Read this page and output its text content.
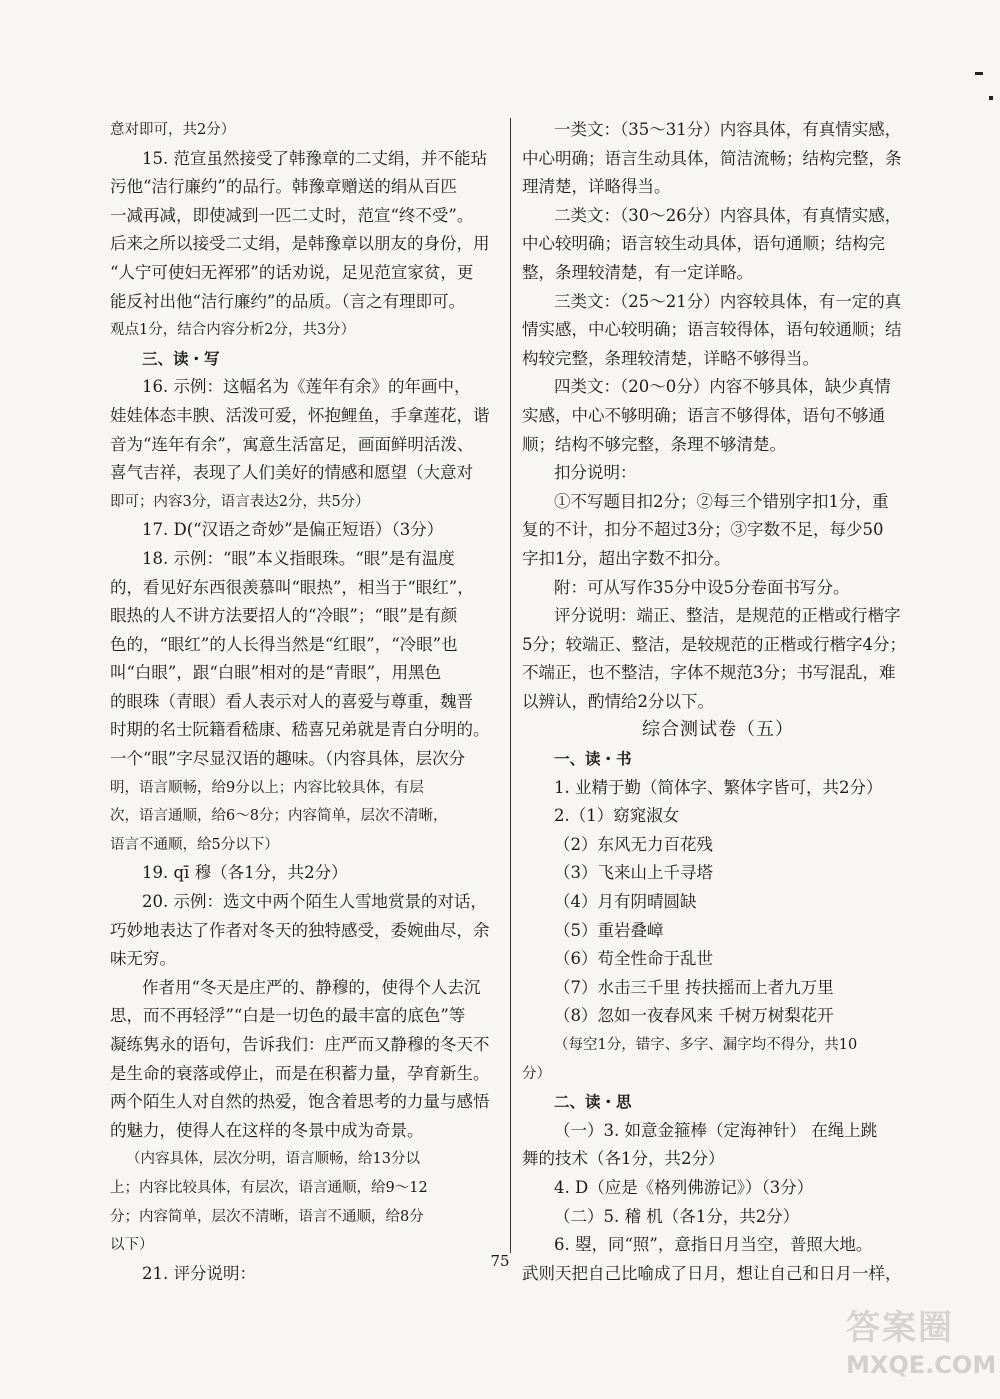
意对即可，共2分）
15. 范宣虽然接受了韩豫章的二丈绢，并不能玷
污他“洁行廉约”的品行。韩豫章赠送的绢从百匹
一减再减，即使减到一匹二丈时，范宣“终不受”。
后来之所以接受二丈绢，是韩豫章以朋友的身份，用
“人宁可使妇无裈邪”的话劝说，足见范宣家贫，更
能反衬出他“洁行廉约”的品质。（言之有理即可。
观点1分，结合内容分析2分，共3分）
三、读・写
16. 示例：这幅名为《莲年有余》的年画中，
娃娃体态丰腴、活泼可爱，怀抱鲤鱼，手拿莲花，谐
音为“连年有余”，寓意生活富足，画面鲜明活泼、
喜气吉祥，表现了人们美好的情感和愿望（大意对
即可；内容3分，语言表达2分，共5分）
17. D(“汉语之奇妙”是偏正短语）（3分）
18. 示例：“眼”本义指眼珠。“眼”是有温度
的，看见好东西很羡慕叫“眼热”，相当于“眼红”，
眼热的人不讲方法要招人的“冷眼”；“眼”是有颜
色的，“眼红”的人长得当然是“红眼”，“冷眼”也
叫“白眼”，跟“白眼”相对的是“青眼”，用黑色
的眼珠（青眼）看人表示对人的喜爱与尊重，魏晋
时期的名士阮籍看嵇康、嵇喜兄弟就是青白分明的。
一个“眼”字尽显汉语的趣味。（内容具体，层次分
明，语言顺畅，给9分以上；内容比较具体，有层
次，语言通顺，给6～8分；内容简单，层次不清晰，
语言不通顺，给5分以下）
19. qī 穆（各1分，共2分）
20. 示例：选文中两个陌生人雪地赏景的对话，
巧妙地表达了作者对冬天的独特感受，委婉曲尽，余
味无穷。
作者用“冬天是庄严的、静穆的，使得个人去沉
思，而不再轻浮”“白是一切色的最丰富的底色”等
凝练隽永的语句，告诉我们：庄严而又静穆的冬天不
是生命的衰落或停止，而是在积蓄力量，孕育新生。
两个陌生人对自然的热爱，饱含着思考的力量与感悟
的魅力，使得人在这样的冬景中成为奇景。
（内容具体，层次分明，语言顺畅，给13分以
上；内容比较具体，有层次，语言通顺，给9～12
分；内容简单，层次不清晰，语言不通顺，给8分
以下）
21. 评分说明：
一类文：（35～31分）内容具体，有真情实感，
中心明确；语言生动具体，简洁流畅；结构完整，条
理清楚，详略得当。
二类文：（30～26分）内容具体，有真情实感，
中心较明确；语言较生动具体，语句通顺；结构完
整，条理较清楚，有一定详略。
三类文：（25～21分）内容较具体，有一定的真
情实感，中心较明确；语言较得体，语句较通顺；结
构较完整，条理较清楚，详略不够得当。
四类文：（20～0分）内容不够具体，缺少真情
实感，中心不够明确；语言不够得体，语句不够通
顺；结构不够完整，条理不够清楚。
扣分说明：
①不写题目扣2分；②每三个错别字扣1分，重
复的不计，扣分不超过3分；③字数不足，每少50
字扣1分，超出字数不扣分。
附：可从写作35分中设5分卷面书写分。
评分说明：端正、整洁，是规范的正楷或行楷字
5分；较端正、整洁，是较规范的正楷或行楷字4分；
不端正，也不整洁，字体不规范3分；书写混乱，难
以辨认，酌情给2分以下。
综合测试卷（五）
一、读・书
1. 业精于勤（简体字、繁体字皆可，共2分）
2.（1）窈窕淑女
（2）东风无力百花残
（3）飞来山上千寻塔
（4）月有阴晴圆缺
（5）重岩叠嶂
（6）苟全性命于乱世
（7）水击三千里 抟扶摇而上者九万里
（8）忽如一夜春风来 千树万树梨花开
（每空1分，错字、多字、漏字均不得分，共10
分）
二、读・思
（一）3. 如意金箍棒（定海神针） 在绳上跳
舞的技术（各1分，共2分）
4. D（应是《格列佛游记》）（3分）
（二）5. 稽 机（各1分，共2分）
6. 曌，同“照”，意指日月当空，普照大地。
武则天把自己比喻成了日月，想让自己和日月一样，
75
答案圈
MXQE.COM
